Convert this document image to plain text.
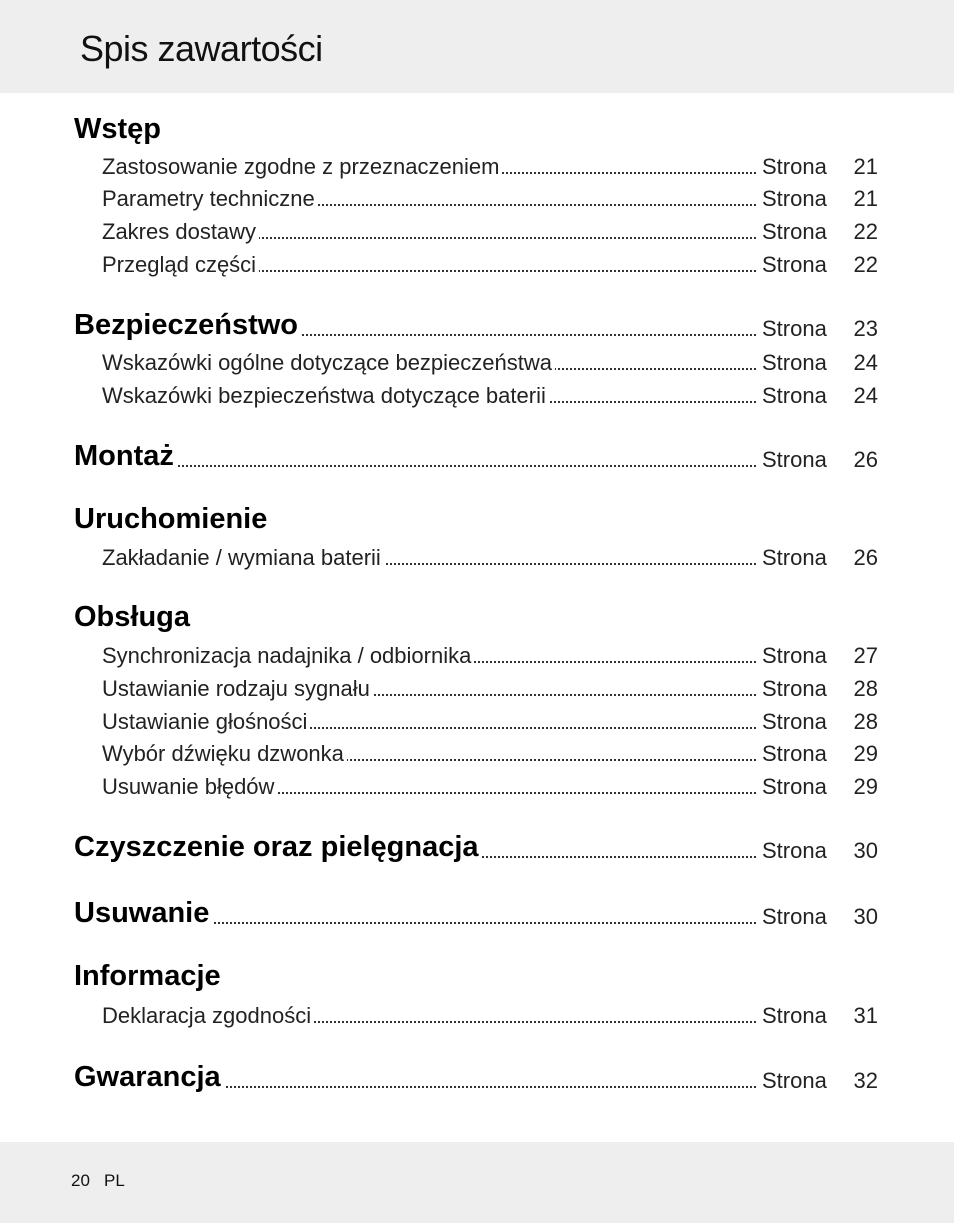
Spis zawartości
Wstęp
Zastosowanie zgodne z przeznaczeniem	Strona 21
Parametry techniczne	Strona 21
Zakres dostawy	Strona 22
Przegląd części	Strona 22
Bezpieczeństwo	Strona 23
Wskazówki ogólne dotyczące bezpieczeństwa	Strona 24
Wskazówki bezpieczeństwa dotyczące baterii	Strona 24
Montaż	Strona 26
Uruchomienie
Zakładanie / wymiana baterii	Strona 26
Obsługa
Synchronizacja nadajnika / odbiornika	Strona 27
Ustawianie rodzaju sygnału	Strona 28
Ustawianie głośności	Strona 28
Wybór dźwięku dzwonka	Strona 29
Usuwanie błędów	Strona 29
Czyszczenie oraz pielęgnacja	Strona 30
Usuwanie	Strona 30
Informacje
Deklaracja zgodności	Strona 31
Gwarancja	Strona 32
20 PL
